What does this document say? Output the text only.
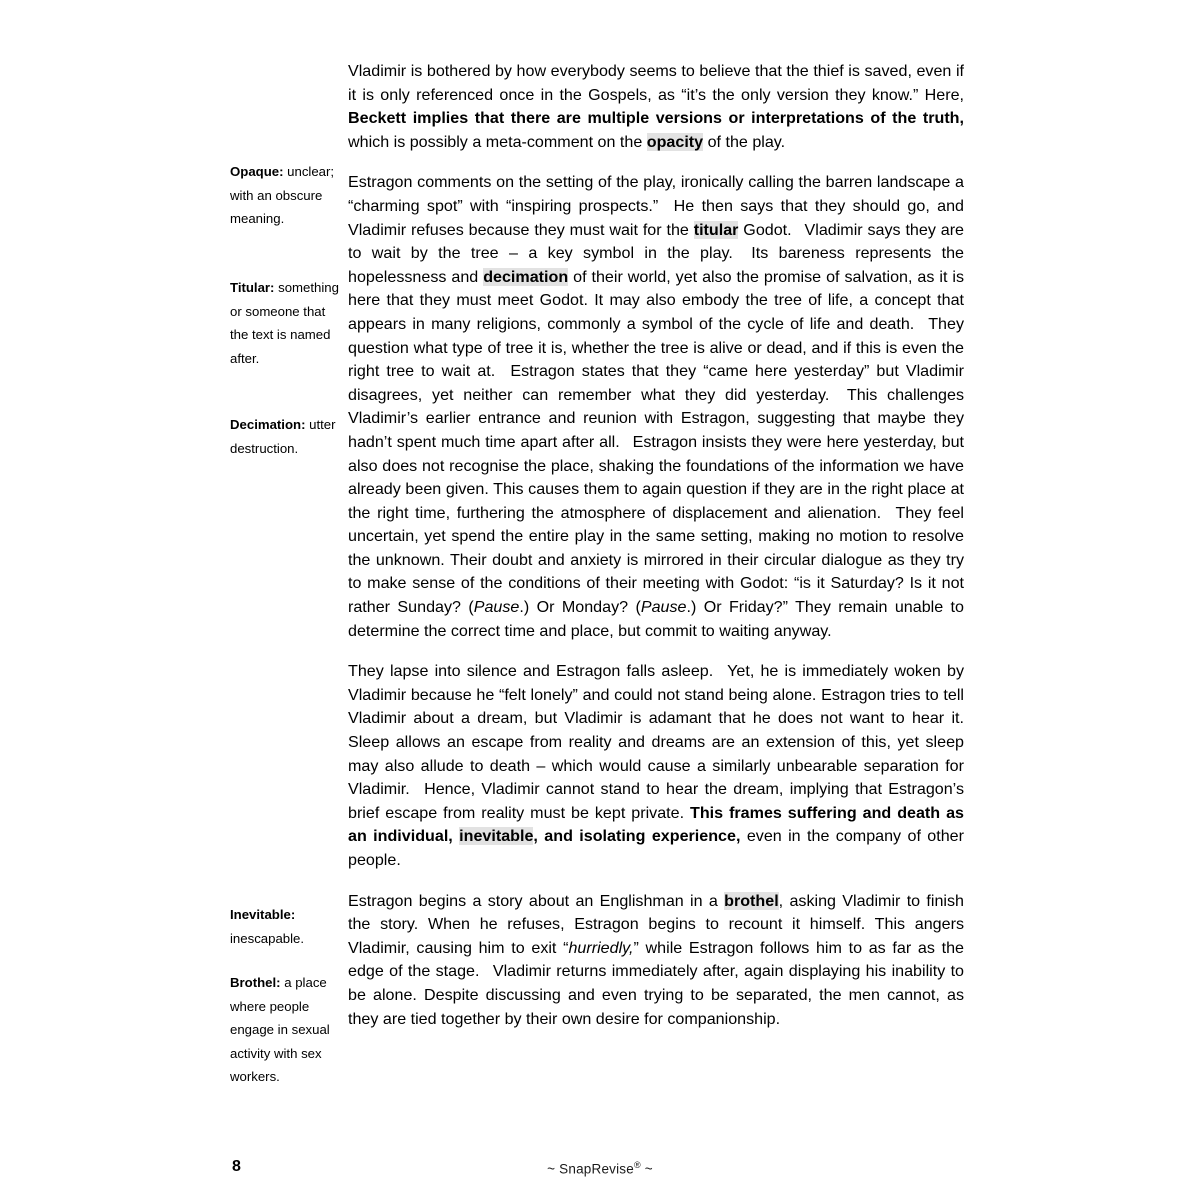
Opaque: unclear; with an obscure meaning.
Titular: something or someone that the text is named after.
Decimation: utter destruction.
Inevitable: inescapable.
Brothel: a place where people engage in sexual activity with sex workers.

Vladimir is bothered by how everybody seems to believe that the thief is saved, even if it is only referenced once in the Gospels, as “it’s the only version they know.” Here, Beckett implies that there are multiple versions or interpretations of the truth, which is possibly a meta-comment on the opacity of the play.

Estragon comments on the setting of the play, ironically calling the barren landscape a “charming spot” with “inspiring prospects.”  He then says that they should go, and Vladimir refuses because they must wait for the titular Godot.  Vladimir says they are to wait by the tree – a key symbol in the play.  Its bareness represents the hopelessness and decimation of their world, yet also the promise of salvation, as it is here that they must meet Godot. It may also embody the tree of life, a concept that appears in many religions, commonly a symbol of the cycle of life and death.  They question what type of tree it is, whether the tree is alive or dead, and if this is even the right tree to wait at.  Estragon states that they “came here yesterday” but Vladimir disagrees, yet neither can remember what they did yesterday.  This challenges Vladimir’s earlier entrance and reunion with Estragon, suggesting that maybe they hadn’t spent much time apart after all.  Estragon insists they were here yesterday, but also does not recognise the place, shaking the foundations of the information we have already been given. This causes them to again question if they are in the right place at the right time, furthering the atmosphere of displacement and alienation.  They feel uncertain, yet spend the entire play in the same setting, making no motion to resolve the unknown. Their doubt and anxiety is mirrored in their circular dialogue as they try to make sense of the conditions of their meeting with Godot: “is it Saturday? Is it not rather Sunday? (Pause.) Or Monday? (Pause.) Or Friday?” They remain unable to determine the correct time and place, but commit to waiting anyway.

They lapse into silence and Estragon falls asleep.  Yet, he is immediately woken by Vladimir because he “felt lonely” and could not stand being alone. Estragon tries to tell Vladimir about a dream, but Vladimir is adamant that he does not want to hear it. Sleep allows an escape from reality and dreams are an extension of this, yet sleep may also allude to death – which would cause a similarly unbearable separation for Vladimir.  Hence, Vladimir cannot stand to hear the dream, implying that Estragon’s brief escape from reality must be kept private. This frames suffering and death as an individual, inevitable, and isolating experience, even in the company of other people.

Estragon begins a story about an Englishman in a brothel, asking Vladimir to finish the story. When he refuses, Estragon begins to recount it himself. This angers Vladimir, causing him to exit “hurriedly,” while Estragon follows him to as far as the edge of the stage.  Vladimir returns immediately after, again displaying his inability to be alone. Despite discussing and even trying to be separated, the men cannot, as they are tied together by their own desire for companionship.

8	~ SnapRevise® ~
